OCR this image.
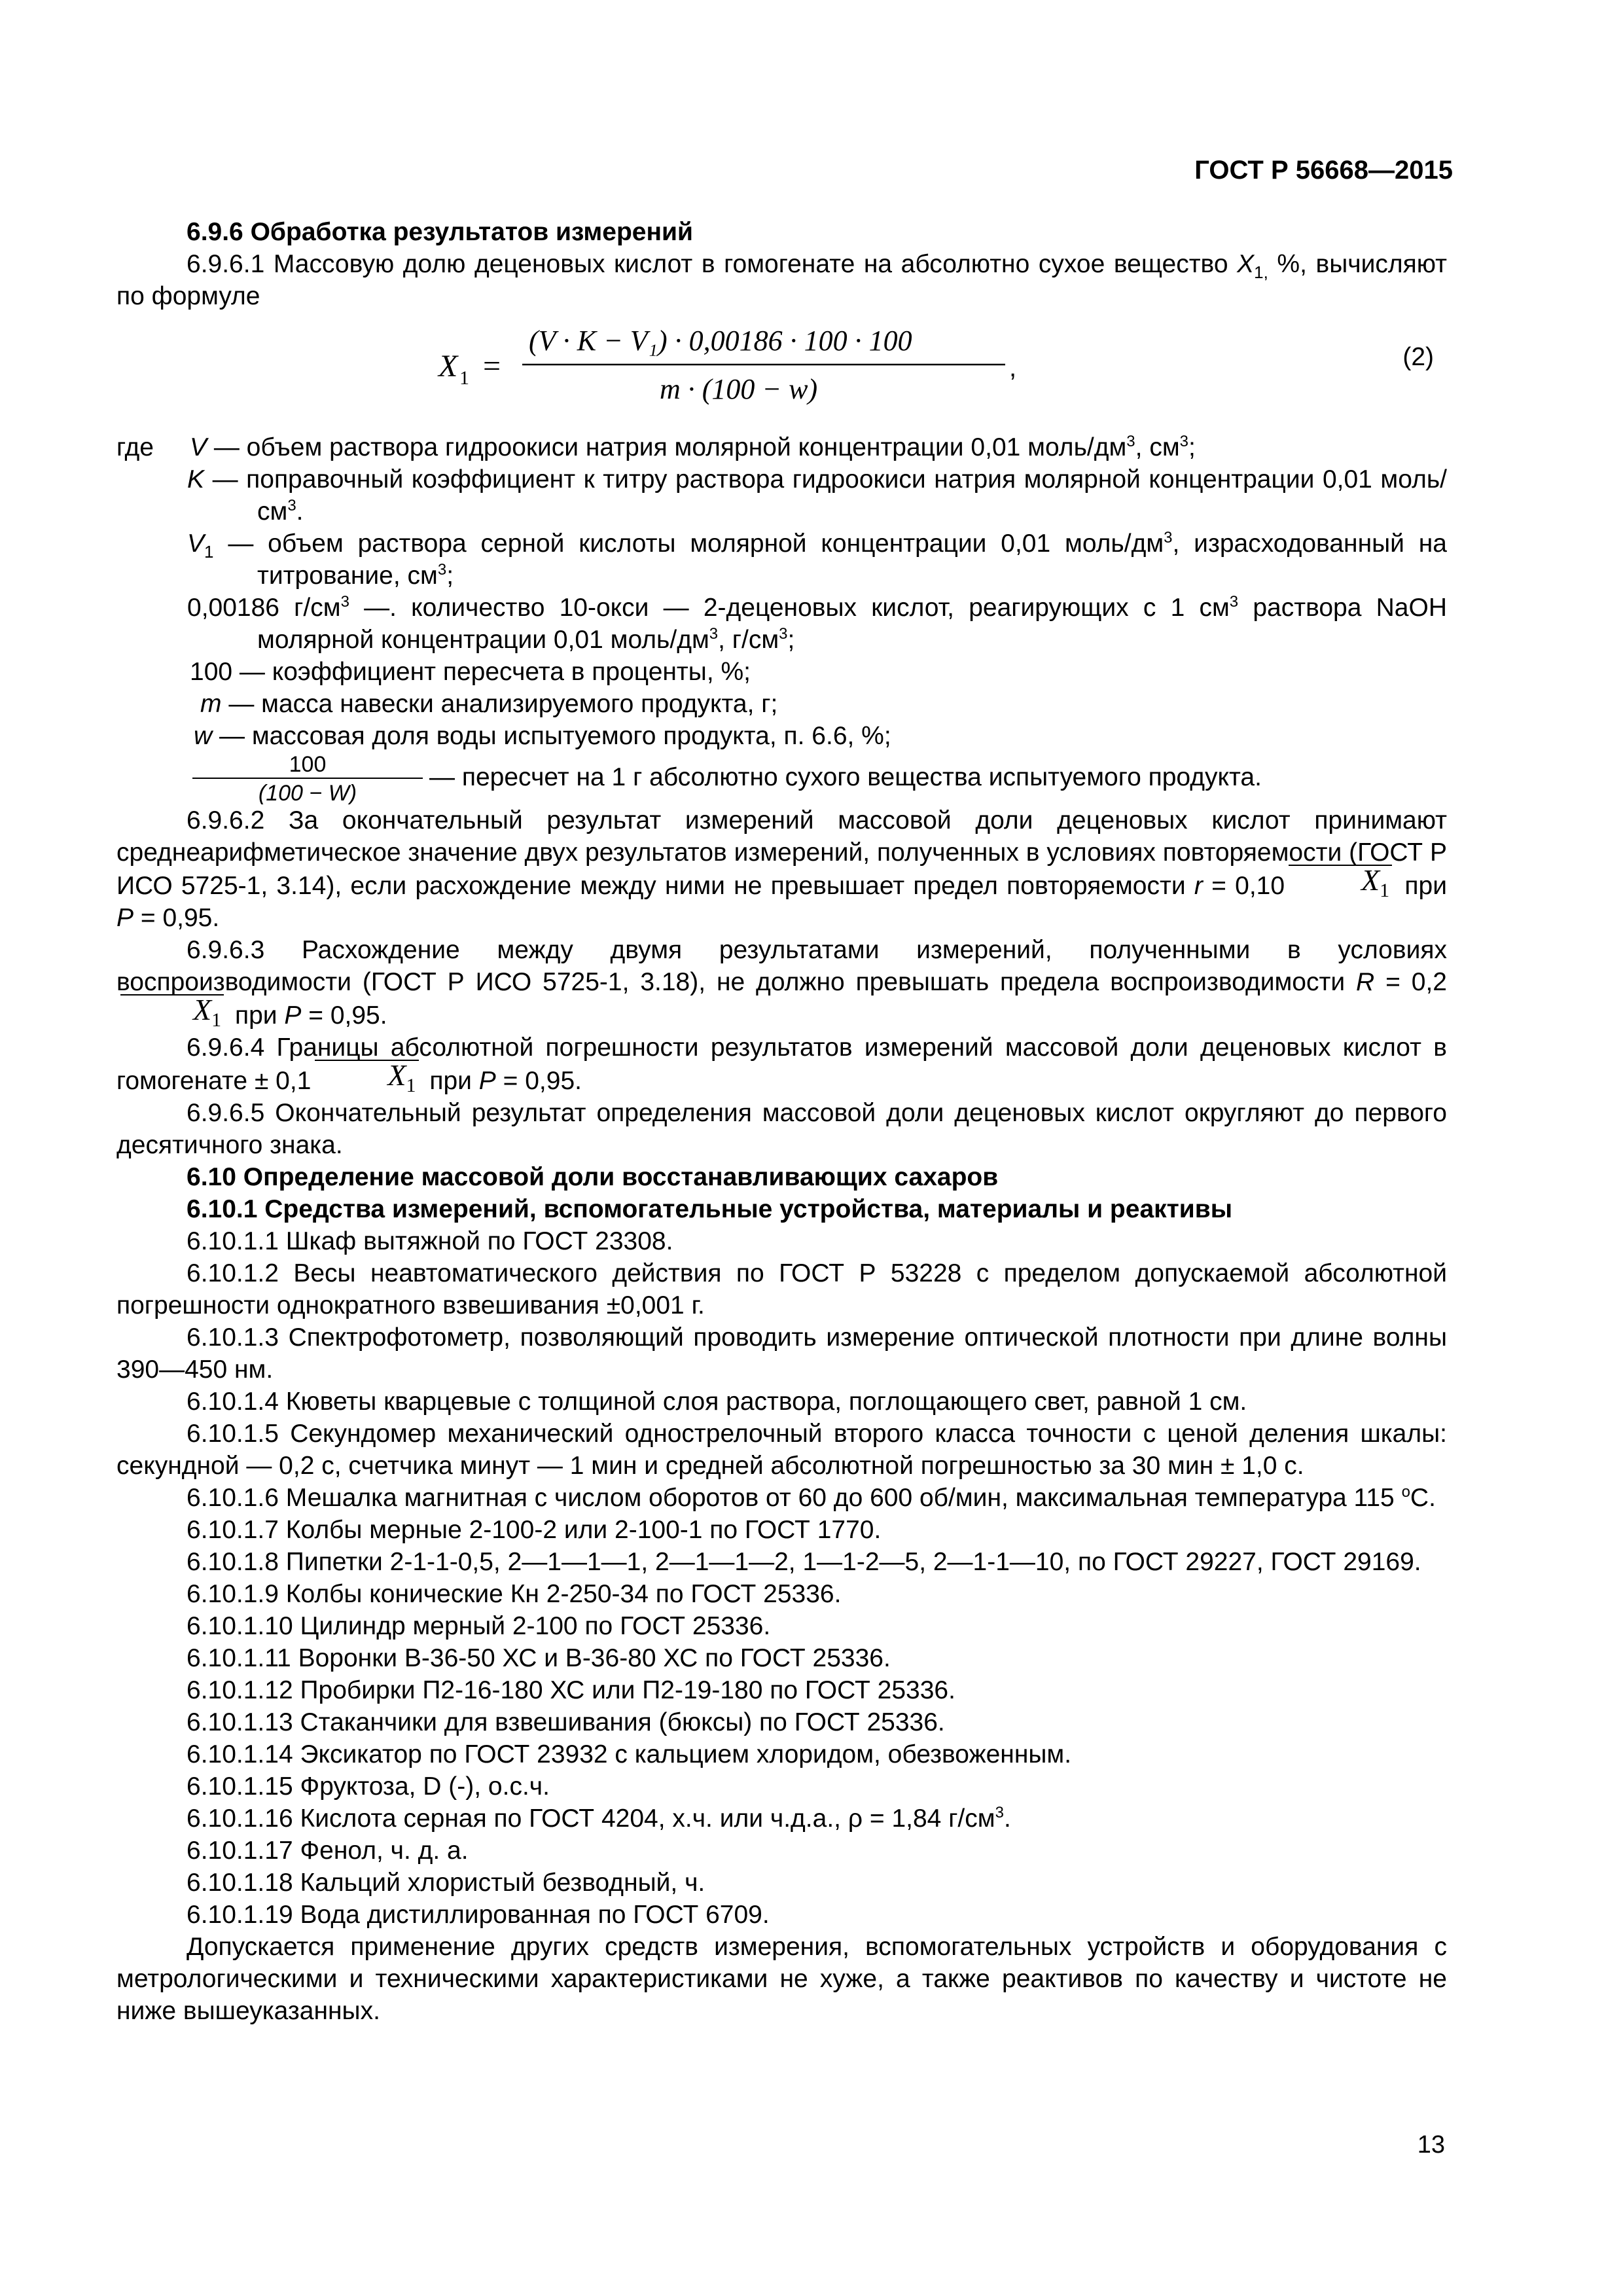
ГОСТ Р 56668—2015

6.9.6 Обработка результатов измерений

6.9.6.1 Массовую долю деценовых кислот в гомогенате на абсолютно сухое вещество $X_{1,}$ %, вычисляют по формуле

X 1 =
(V · K − V₁) · 0,00186 · 100 · 100
m · (100 − w)
,	(2)

где V — объем раствора гидроокиси натрия молярной концентрации 0,01 моль/$дм^3$, $см^3$;

K — поправочный коэффициент к титру раствора гидроокиси натрия молярной концентрации 0,01 моль/$см^3$.

$V_1$ — объем раствора серной кислоты молярной концентрации 0,01 моль/$дм^3$, израсходованный на титрование, $см^3$;

0,00186 $г/см^3$ —. количество 10-окси — 2-деценовых кислот, реагирующих с 1 $см^3$ раствора NaOH молярной концентрации 0,01 моль/$дм^3$, $г/см^3$;

100 — коэффициент пересчета в проценты, %;

m — масса навески анализируемого продукта, г;

w — массовая доля воды испытуемого продукта, п. 6.6, %;

100
(100 − W)
— пересчет на 1 г абсолютно сухого вещества испытуемого продукта.

6.9.6.2 За окончательный результат измерений массовой доли деценовых кислот принимают среднеарифметическое значение двух результатов измерений, полученных в условиях повторяемости (ГОСТ Р ИСО 5725-1, 3.14), если расхождение между ними не превышает предел повторяемости r = 0,10	$X_1$ при P = 0,95.

6.9.6.3 Расхождение между двумя результатами измерений, полученными в условиях воспроизводимости (ГОСТ Р ИСО 5725-1, 3.18), не должно превышать предела воспроизводимости $R = 0,2X_1$ при P = 0,95.

6.9.6.4 Границы абсолютной погрешности результатов измерений массовой доли деценовых кислот в гомогенате ± 0,1	$X_1$ при P = 0,95.

6.9.6.5 Окончательный результат определения массовой доли деценовых кислот округляют до первого десятичного знака.

6.10 Определение массовой доли восстанавливающих сахаров

6.10.1 Средства измерений, вспомогательные устройства, материалы и реактивы

6.10.1.1 Шкаф вытяжной по ГОСТ 23308.

6.10.1.2 Весы неавтоматического действия по ГОСТ Р 53228 с пределом допускаемой абсолютной погрешности однократного взвешивания ±0,001 г.

6.10.1.3 Спектрофотометр, позволяющий проводить измерение оптической плотности при длине волны 390—450 нм.

6.10.1.4 Кюветы кварцевые с толщиной слоя раствора, поглощающего свет, равной 1 см.

6.10.1.5 Секундомер механический однострелочный второго класса точности с ценой деления шкалы: секундной — 0,2 с, счетчика минут — 1 мин и средней абсолютной погрешностью за 30 мин ± 1,0 с.

6.10.1.6 Мешалка магнитная с числом оборотов от 60 до 600 об/мин, максимальная температура 115 $^o$С.

6.10.1.7 Колбы мерные 2-100-2 или 2-100-1 по ГОСТ 1770.

6.10.1.8 Пипетки 2-1-1-0,5, 2—1—1—1, 2—1—1—2, 1—1-2—5, 2—1-1—10, по ГОСТ 29227, ГОСТ 29169.

6.10.1.9 Колбы конические Кн 2-250-34 по ГОСТ 25336.

6.10.1.10 Цилиндр мерный 2-100 по ГОСТ 25336.

6.10.1.11 Воронки В-36-50 ХС и В-36-80 ХС по ГОСТ 25336.

6.10.1.12 Пробирки П2-16-180 ХС или П2-19-180 по ГОСТ 25336.

6.10.1.13 Стаканчики для взвешивания (бюксы) по ГОСТ 25336.

6.10.1.14 Эксикатор по ГОСТ 23932 с кальцием хлоридом, обезвоженным.

6.10.1.15 Фруктоза, D (-), о.с.ч.

6.10.1.16 Кислота серная по ГОСТ 4204, х.ч. или ч.д.а., ρ = 1,84 $г/см^3$.

6.10.1.17 Фенол, ч. д. а.

6.10.1.18 Кальций хлористый безводный, ч.

6.10.1.19 Вода дистиллированная по ГОСТ 6709.

Допускается применение других средств измерения, вспомогательных устройств и оборудования с метрологическими и техническими характеристиками не хуже, а также реактивов по качеству и чистоте не ниже вышеуказанных.

13
